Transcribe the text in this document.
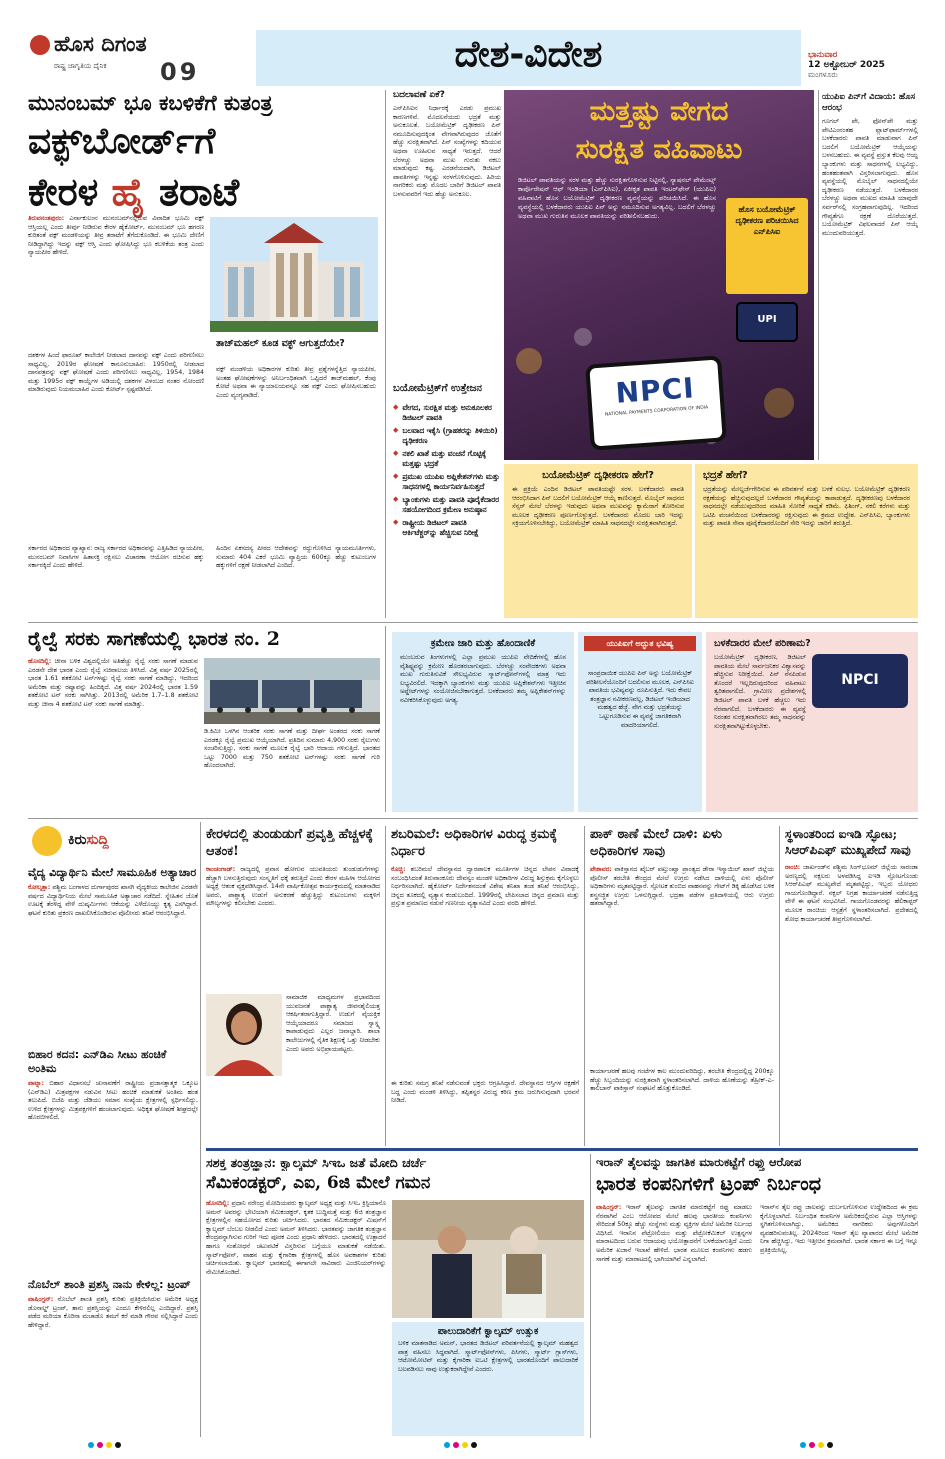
ಹೊಸ ದಿಗಂತ
ರಾಷ್ಟ್ರ ಜಾಗೃತಿಯ ದೈನಿಕ 09	ದೇಶ-ವಿದೇಶ	ಭಾನುವಾರ
12 ಅಕ್ಟೋಬರ್ 2025
ಮಂಗಳೂರು
ಮುನಂಬಮ್ ಭೂ ಕಬಳಿಕೆಗೆ ಕುತಂತ್ರ
ವಕ್ಫ್‌ಬೋರ್ಡ್‌ಗೆ
ಕೇರಳ ಹೈ ತರಾಟೆ
ತಿರುವನಂತಪುರಂ: ಎರ್ನಾಕುಲಂನ ಮುನಂಬಮ್‌ನಲ್ಲಿರುವ ವಿವಾದಿತ ಭೂಮಿ ವಕ್ಫ್ ಆಸ್ತಿಯಲ್ಲ ಎಂದು ತೀರ್ಪು ನೀಡಿರುವ ಕೇರಳ ಹೈಕೋರ್ಟ್, ಮುನಂಬಮ್ ಭೂ ಹಗರಣ ಕುರಿತಂತೆ ವಕ್ಫ್ ಮಂಡಳಿಯನ್ನು ತೀವ್ರ ತರಾಟೆಗೆ ತೆಗೆದುಕೊಂಡಿದೆ. ಈ ಭೂಮಿ ದೇಣಿಗೆ ನೀಡಿದ್ದಾಗಿದ್ದು ಇದನ್ನು ವಕ್ಫ್ ಆಸ್ತಿ ಎಂದು ಘೋಷಿಸಿದ್ದು ಭೂ ಕಬಳಿಕೆಯ ತಂತ್ರ ಎಂದು ನ್ಯಾಯಪೀಠ ಹೇಳಿದೆ.
ದಶಕಗಳ ಹಿಂದೆ ಫಾರೂಖ್ ಕಾಲೇಜಿಗೆ ನೀಡಲಾದ ದಾನವನ್ನು ವಕ್ಫ್ ಎಂದು ಪರಿಗಣಿಸಲು ಸಾಧ್ಯವಿಲ್ಲ. 2019ರ ಘೋಷಣೆ ಕಾನೂನುಬಾಹಿರ: 1950ರಲ್ಲಿ ನೀಡಲಾದ ದಾನಪತ್ರವನ್ನು ವಕ್ಫ್ ಘೋಷಣೆ ಎಂದು ಪರಿಗಣಿಸಲು ಸಾಧ್ಯವಿಲ್ಲ. 1954, 1984 ಮತ್ತು 1995ರ ವಕ್ಫ್ ಕಾಯ್ದೆಗಳ ಅಡಿಯಲ್ಲಿ ದಶಕಗಳ ವಿಳಂಬದ ನಂತರ ನೋಂದಣಿ ಮಾಡಿರುವುದು ನಿಯಮಬಾಹಿರ ಎಂದು ಕೋರ್ಟ್ ಸ್ಪಷ್ಟಪಡಿಸಿದೆ.
ತಾಜ್‌ಮಹಲ್ ಕೂಡ ವಕ್ಫ್ ಆಗುತ್ತದೆಯೇ?
ವಕ್ಫ್ ಮಂಡಳಿಯ ಅಧಿಕಾರಗಳ ಕುರಿತು ತೀವ್ರ ಪ್ರಶ್ನೆಗಳನ್ನೆತ್ತಿದ ನ್ಯಾಯಪೀಠ, ಅಂತಹ ಘೋಷಣೆಗಳನ್ನು ಅನಿರ್ಬಂಧಿತವಾಗಿ ಒಪ್ಪಿದರೆ ತಾಜ್‌ಮಹಲ್, ಕೆಂಪು ಕೋಟೆ ಅಥವಾ ಈ ನ್ಯಾಯಾಲಯವನ್ನೂ ಸಹ ವಕ್ಫ್ ಎಂದು ಘೋಷಿಸಬಹುದು ಎಂದು ವ್ಯಂಗ್ಯವಾಡಿದೆ.
ಸರ್ಕಾರದ ಅಧಿಕಾರದ ವ್ಯಾಖ್ಯಾನ: ರಾಜ್ಯ ಸರ್ಕಾರದ ಅಧಿಕಾರವನ್ನು ಎತ್ತಿಹಿಡಿದ ನ್ಯಾಯಪೀಠ, ಮುನಂಬಮ್ ನಿವಾಸಿಗಳ ಹಿತಾಸಕ್ತಿ ರಕ್ಷಿಸಲು ವಿಚಾರಣಾ ಆಯೋಗ ರಚಿಸುವ ಹಕ್ಕು ಸರ್ಕಾರಕ್ಕಿದೆ ಎಂದು ಹೇಳಿದೆ.
ಹಿಂದಿನ ಏಕಸದಸ್ಯ ಪೀಠದ ಆದೇಶವನ್ನು ರದ್ದುಗೊಳಿಸಿದ ನ್ಯಾಯಮೂರ್ತಿಗಳು, ಸುಮಾರು 404 ಎಕರೆ ಭೂಮಿ ವ್ಯಾಪ್ತಿಯ 600ಕ್ಕೂ ಹೆಚ್ಚು ಕುಟುಂಬಗಳ ಹಕ್ಕುಗಳಿಗೆ ರಕ್ಷಣೆ ನೀಡಲಾಗಿದೆ ಎಂದಿದೆ.
ಬದಲಾವಣೆ ಏಕೆ?
ಎನ್‌ಪಿಸಿಐನ ನಿರ್ಧಾರಕ್ಕೆ ಎರಡು ಪ್ರಮುಖ ಕಾರಣಗಳಿವೆ. ಮೊದಲನೆಯದು ಭದ್ರತೆ ಮತ್ತು ಅನುಕೂಲತೆ. ಬಯೋಮೆಟ್ರಿಕ್ ದೃಢೀಕರಣ ಪಿನ್ ನಮೂದಿಸುವುದಕ್ಕಿಂತ ವೇಗವಾಗಿರುವುದರ ಜೊತೆಗೆ ಹೆಚ್ಚು ಸುರಕ್ಷಿತವಾಗಿದೆ. ಪಿನ್ ಸಂಖ್ಯೆಗಳನ್ನು ಕದಿಯುವ ಅಥವಾ ಊಹಿಸುವ ಸಾಧ್ಯತೆ ಇರುತ್ತದೆ. ಆದರೆ ಬೆರಳಚ್ಚು ಅಥವಾ ಮುಖ ಗುರುತು ನಕಲು ಮಾಡುವುದು ಕಷ್ಟ. ಎರಡನೆಯದಾಗಿ, ಡಿಜಿಟಲ್ ಪಾವತಿಗಳನ್ನು ಇನ್ನಷ್ಟು ಸರಳಗೊಳಿಸುವುದು. ಹಿರಿಯ ನಾಗರಿಕರು ಮತ್ತು ಮೊದಲ ಬಾರಿಗೆ ಡಿಜಿಟಲ್ ಪಾವತಿ ಬಳಸುವವರಿಗೆ ಇದು ಹೆಚ್ಚು ಅನುಕೂಲ.
ಬಯೋಮೆಟ್ರಿಕ್‌ಗೆ ಉತ್ತೇಜನ
◆ ವೇಗದ, ಸುರಕ್ಷಿತ ಮತ್ತು ಅನುಕೂಲಕರ ಡಿಜಿಟಲ್ ಪಾವತಿ
◆ ಬಲವಾದ ಇಕೈಸಿ (ಗ್ರಾಹಕರನ್ನು ತಿಳಿಯಿರಿ) ದೃಢೀಕರಣ
◆ ನಕಲಿ ಖಾತೆ ಮತ್ತು ವಂಚನೆ ಗೊಟ್ಟಿಕ್ಕೆ ಮತ್ತಷ್ಟು ಭದ್ರತೆ
◆ ಪ್ರಮುಖ ಯುಪಿಐ ಅಪ್ಲಿಕೇಶನ್‌ಗಳು ಮತ್ತು ಸಾಧನಗಳಲ್ಲಿ ಕಾರ್ಯನಿರ್ವಹಿಸುತ್ತದೆ
◆ ಬ್ಯಾಂಕುಗಳು ಮತ್ತು ಪಾವತಿ ಪೂರೈಕೆದಾರರ ಸಹಯೋಗದಿಂದ ಕ್ರಮೇಣ ಅನುಷ್ಠಾನ
◆ ರಾಷ್ಟ್ರೀಯ ಡಿಜಿಟಲ್ ಪಾವತಿ ಆರ್ಕಿಟೆಕ್ಚರ್‌ನ್ನು ಹೆಚ್ಚಿಸುವ ನಿರೀಕ್ಷೆ
ಮತ್ತಷ್ಟು ವೇಗದ
ಸುರಕ್ಷಿತ ವಹಿವಾಟು
ಡಿಜಿಟಲ್ ಪಾವತಿಯನ್ನು ಸರಳ ಮತ್ತು ಹೆಚ್ಚು ಸುರಕ್ಷಿತಗೊಳಿಸುವ ನಿಟ್ಟಿನಲ್ಲಿ, ನ್ಯಾಷನಲ್ ಪೇಮೆಂಟ್ಸ್ ಕಾರ್ಪೊರೇಷನ್ ಆಫ್ ಇಂಡಿಯಾ (ಎನ್‌ಪಿಸಿಐ), ಏಕೀಕೃತ ಪಾವತಿ ಇಂಟರ್‌ಫೇಸ್ (ಯುಪಿಐ) ವಹಿವಾಟಿಗೆ ಹೊಸ ಬಯೋಮೆಟ್ರಿಕ್ ದೃಢೀಕರಣ ವ್ಯವಸ್ಥೆಯನ್ನು ಪರಿಚಯಿಸಿದೆ. ಈ ಹೊಸ ವ್ಯವಸ್ಥೆಯಲ್ಲಿ ಬಳಕೆದಾರರು ಯುಪಿಐ ಪಿನ್ ಅನ್ನು ನಮೂದಿಸುವ ಅಗತ್ಯವಿಲ್ಲ. ಬದಲಿಗೆ ಬೆರಳಚ್ಚು ಅಥವಾ ಮುಖ ಗುರುತಿನ ಮೂಲಕ ಪಾವತಿಯನ್ನು ಪರಿಶೀಲಿಸಬಹುದು.
ಹೊಸ ಬಯೋಮೆಟ್ರಿಕ್ ದೃಢೀಕರಣ ಪರಿಚಯಿಸಿದ ಎನ್‌ಪಿಸಿಐ
UPI
NPCI
NATIONAL PAYMENTS CORPORATION OF INDIA
ಯುಪಿಐ ಪಿನ್‌ಗೆ ವಿದಾಯ: ಹೊಸ ಆರಂಭ
ಗೂಗಲ್ ಪೇ, ಫೋನ್‌ಪೇ ಮತ್ತು ಪೇಟಿಎಂನಂತಹ ಪ್ಲಾಟ್‌ಫಾರ್ಮ್‌ಗಳಲ್ಲಿ ಬಳಕೆದಾರರು ಪಾವತಿ ಮಾಡುವಾಗ ಪಿನ್ ಬದಲಿಗೆ ಬಯೋಮೆಟ್ರಿಕ್ ಆಯ್ಕೆಯನ್ನು ಬಳಸಬಹುದು. ಈ ವ್ಯವಸ್ಥೆ ಪ್ರಸ್ತುತ ಕೆಲವು ಆಯ್ದ ಬ್ಯಾಂಕುಗಳು ಮತ್ತು ಸಾಧನಗಳಲ್ಲಿ ಲಭ್ಯವಿದ್ದು, ಹಂತಹಂತವಾಗಿ ವಿಸ್ತರಿಸಲಾಗುವುದು. ಹೊಸ ವ್ಯವಸ್ಥೆಯಲ್ಲಿ ಮೊಬೈಲ್ ಸಾಧನದಲ್ಲಿಯೇ ದೃಢೀಕರಣ ನಡೆಯುತ್ತದೆ. ಬಳಕೆದಾರರ ಬೆರಳಚ್ಚು ಅಥವಾ ಮುಖದ ಮಾಹಿತಿ ಯಾವುದೇ ಸರ್ವರ್‌ನಲ್ಲಿ ಸಂಗ್ರಹವಾಗುವುದಿಲ್ಲ. ಇದರಿಂದ ಗೌಪ್ಯತೆಗೂ ರಕ್ಷಣೆ ದೊರೆಯುತ್ತದೆ. ಬಯೋಮೆಟ್ರಿಕ್ ವಿಫಲವಾದರೆ ಪಿನ್ ಆಯ್ಕೆ ಮುಂದುವರಿಯುತ್ತದೆ.
ಬಯೋಮೆಟ್ರಿಕ್ ದೃಢೀಕರಣ ಹೇಗೆ?
ಈ ಪ್ರಕ್ರಿಯೆ ಎಂದಿನ ಡಿಜಿಟಲ್ ಪಾವತಿಯಷ್ಟೇ ಸರಳ. ಬಳಕೆದಾರರು ಪಾವತಿ ಆರಂಭಿಸಿದಾಗ ಪಿನ್ ಬದಲಿಗೆ ಬಯೋಮೆಟ್ರಿಕ್ ಆಯ್ಕೆ ಕಾಣಿಸುತ್ತದೆ. ಮೊಬೈಲ್ ಸಾಧನದ ಸೆನ್ಸರ್ ಮೇಲೆ ಬೆರಳನ್ನು ಇಡುವುದು ಅಥವಾ ಮುಖವನ್ನು ಕ್ಯಾಮೆರಾಗೆ ತೋರಿಸುವ ಮೂಲಕ ದೃಢೀಕರಣ ಪೂರ್ಣಗೊಳ್ಳುತ್ತದೆ. ಬಳಕೆದಾರರು ಮೊದಲ ಬಾರಿ ಇದನ್ನು ಸಕ್ರಿಯಗೊಳಿಸಬೇಕಿದ್ದು, ಬಯೋಮೆಟ್ರಿಕ್ ಮಾಹಿತಿ ಸಾಧನದಲ್ಲೇ ಸುರಕ್ಷಿತವಾಗಿರುತ್ತದೆ.
ಭದ್ರತೆ ಹೇಗೆ?
ಭದ್ರತೆಯನ್ನು ಮೇಲ್ದರ್ಜೆಗೇರಿಸುವ ಈ ಪರಿವರ್ತನೆ ಮತ್ತು ಬಳಕೆ ಸುಲಭ. ಬಯೋಮೆಟ್ರಿಕ್ ದೃಢೀಕರಣ ರಕ್ಷಣೆಯನ್ನು ಹೆಚ್ಚಿಸುವುದಲ್ಲದೆ ಬಳಕೆದಾರರ ಗೌಪ್ಯತೆಯನ್ನು ಕಾಪಾಡುತ್ತದೆ. ದೃಢೀಕರಣವು ಬಳಕೆದಾರರ ಸಾಧನದಲ್ಲೇ ನಡೆಯುವುದರಿಂದ ಮಾಹಿತಿ ಸೋರಿಕೆ ಸಾಧ್ಯತೆ ಕಡಿಮೆ. ಫಿಶಿಂಗ್, ನಕಲಿ ಕರೆಗಳು ಮತ್ತು ಒಟಿಪಿ ವಂಚನೆಯಿಂದ ಬಳಕೆದಾರರನ್ನು ರಕ್ಷಿಸುವುದು ಈ ಕ್ರಮದ ಉದ್ದೇಶ. ಎನ್‌ಪಿಸಿಐ, ಬ್ಯಾಂಕುಗಳು ಮತ್ತು ಪಾವತಿ ಸೇವಾ ಪೂರೈಕೆದಾರರೊಂದಿಗೆ ಸೇರಿ ಇದನ್ನು ಜಾರಿಗೆ ತರುತ್ತಿದೆ.
ರೈಲ್ವೆ ಸರಕು ಸಾಗಣೆಯಲ್ಲಿ ಭಾರತ ನಂ. 2
ಹೊಸದಿಲ್ಲಿ: ಚೀನಾ ಬಳಿಕ ವಿಶ್ವದಲ್ಲಿಯೇ ಅತಿಹೆಚ್ಚು ರೈಲ್ವೆ ಸರಕು ಸಾಗಣೆ ಮಾಡುವ ಎರಡನೇ ದೇಶ ಭಾರತ ಎಂದು ರೈಲ್ವೆ ಸಚಿವಾಲಯ ತಿಳಿಸಿದೆ. ವಿತ್ತ ವರ್ಷ 2025ರಲ್ಲಿ ಭಾರತ 1.61 ಶತಕೋಟಿ ಟನ್‌ಗಳಷ್ಟು ರೈಲ್ವೆ ಸರಕು ಸಾಗಣೆ ಮಾಡಿದ್ದು, ಇದರಿಂದ ಅಮೆರಿಕಾ ಮತ್ತು ರಷ್ಯಾವನ್ನು ಹಿಂದಿಕ್ಕಿದೆ. ವಿತ್ತ ವರ್ಷ 2024ರಲ್ಲಿ ಭಾರತ 1.59 ಶತಕೋಟಿ ಟನ್ ಸರಕು ಸಾಗಿಸಿತ್ತು. 2013ರಲ್ಲಿ ಅಮೆರಿಕ 1.7–1.8 ಶತಕೋಟಿ ಮತ್ತು ಚೀನಾ 4 ಶತಕೋಟಿ ಟನ್ ಸರಕು ಸಾಗಣೆ ಮಾಡಿತ್ತು.
ಡಿ.ಕಿಮೀ ಒಳಗಿನ ಆಂತರಿಕ ಸರಕು ಸಾಗಣೆ ಮತ್ತು ದೀರ್ಘ ಅಂತರದ ಸರಕು ಸಾಗಣೆ ಎರಡಕ್ಕೂ ರೈಲ್ವೆ ಪ್ರಮುಖ ಆಯ್ಕೆಯಾಗಿದೆ. ಪ್ರತಿದಿನ ಸುಮಾರು 4,900 ಸರಕು ರೈಲುಗಳು ಸಂಚರಿಸುತ್ತಿದ್ದು, ಸರಕು ಸಾಗಣೆ ಮೂಲಕ ರೈಲ್ವೆ ಭಾರಿ ಆದಾಯ ಗಳಿಸುತ್ತಿದೆ. ಭಾರತದ ಒಟ್ಟು 7000 ಮತ್ತು 750 ಶತಕೋಟಿ ಟನ್‌ಗಳಷ್ಟು ಸರಕು ಸಾಗಣೆ ಗುರಿ ಹೊಂದಲಾಗಿದೆ.
ಕ್ರಮೇಣ ಜಾರಿ ಮತ್ತು ಹೊಂದಾಣಿಕೆ
ಮುಂಬರುವ ತಿಂಗಳುಗಳಲ್ಲಿ ಎಲ್ಲಾ ಪ್ರಮುಖ ಯುಪಿಐ ವೇದಿಕೆಗಳಲ್ಲಿ ಹೊಸ ವೈಶಿಷ್ಟ್ಯವನ್ನು ಕ್ರಮೇಣ ಹೊರತರಲಾಗುವುದು. ಬೆರಳಚ್ಚು ಸಂವೇದಕಗಳು ಅಥವಾ ಮುಖ ಗುರುತಿಸುವಿಕೆ ಸೌಲಭ್ಯವಿರುವ ಸ್ಮಾರ್ಟ್‌ಫೋನ್‌ಗಳಲ್ಲಿ ಮಾತ್ರ ಇದು ಲಭ್ಯವಿರಲಿದೆ. ಇದಕ್ಕಾಗಿ ಬ್ಯಾಂಕುಗಳು ಮತ್ತು ಯುಪಿಐ ಅಪ್ಲಿಕೇಶನ್‌ಗಳು ಇತ್ತೀಚಿನ ಅಪ್ಡೇಟ್‌ಗಳನ್ನು ಸಂಯೋಜಿಸಬೇಕಾಗುತ್ತದೆ. ಬಳಕೆದಾರರು ತಮ್ಮ ಅಪ್ಲಿಕೇಶನ್‌ಗಳನ್ನು ನವೀಕರಿಸಿಕೊಳ್ಳುವುದು ಅಗತ್ಯ.
ಯುಪಿಐಗೆ ಅದ್ಭುತ ಭವಿಷ್ಯ
ಸಾಂಪ್ರದಾಯಿಕ ಯುಪಿಐ ಪಿನ್ ಅನ್ನು ಬಯೋಮೆಟ್ರಿಕ್ ಪರಿಶೀಲನೆಯೊಂದಿಗೆ ಬದಲಿಸುವ ಮೂಲಕ, ಎನ್‌ಪಿಸಿಐ ಪಾವತಿಯ ಭವಿಷ್ಯವನ್ನು ರೂಪಿಸುತ್ತಿದೆ. ಇದು ಕೇವಲ ತಂತ್ರಜ್ಞಾನ ನವೀಕರಣವಲ್ಲ, ಡಿಜಿಟಲ್ ಇಂಡಿಯಾದ ಮಹತ್ವದ ಹೆಜ್ಜೆ. ವೇಗ ಮತ್ತು ಭದ್ರತೆಯನ್ನು ಒಟ್ಟುಗೂಡಿಸುವ ಈ ವ್ಯವಸ್ಥೆ ಜಾಗತಿಕವಾಗಿ ಮಾದರಿಯಾಗಲಿದೆ.
ಬಳಕೆದಾರರ ಮೇಲೆ ಪರಿಣಾಮ?
ಬಯೋಮೆಟ್ರಿಕ್ ದೃಢೀಕರಣ, ಡಿಜಿಟಲ್ ಪಾವತಿಯ ಮೇಲೆ ಸಾರ್ವಜನಿಕರ ವಿಶ್ವಾಸವನ್ನು ಹೆಚ್ಚಿಸುವ ನಿರೀಕ್ಷೆಯಿದೆ. ಪಿನ್ ನೆನಪಿಡುವ ತೊಂದರೆ ಇಲ್ಲದಿರುವುದರಿಂದ ವಹಿವಾಟು ತ್ವರಿತವಾಗಲಿದೆ. ಗ್ರಾಮೀಣ ಪ್ರದೇಶಗಳಲ್ಲಿ ಡಿಜಿಟಲ್ ಪಾವತಿ ಬಳಕೆ ಹೆಚ್ಚಲು ಇದು ನೆರವಾಗಲಿದೆ. ಬಳಕೆದಾರರು ಈ ವ್ಯವಸ್ಥೆ ನಿರಂತರ ಸುರಕ್ಷಿತವಾಗಿರಲು ತಮ್ಮ ಸಾಧನವನ್ನು ಸುರಕ್ಷಿತವಾಗಿಟ್ಟುಕೊಳ್ಳಬೇಕು.
NPCI
ಕಿರುಸುದ್ದಿ
ವೈದ್ಯ ವಿದ್ಯಾರ್ಥಿನಿ ಮೇಲೆ ಸಾಮೂಹಿಕ ಅತ್ಯಾಚಾರ
ಕೋಲ್ಕತ್ತಾ: ಪಶ್ಚಿಮ ಬಂಗಾಳದ ದುರ್ಗಾಪುರದ ಖಾಸಗಿ ವೈದ್ಯಕೀಯ ಕಾಲೇಜಿನ ಎರಡನೇ ವರ್ಷದ ವಿದ್ಯಾರ್ಥಿನಿಯ ಮೇಲೆ ಸಾಮೂಹಿಕ ಅತ್ಯಾಚಾರ ನಡೆದಿದೆ. ಸ್ನೇಹಿತನ ಜೊತೆ ಊಟಕ್ಕೆ ತೆರಳಿದ್ದ ವೇಳೆ ದುಷ್ಕರ್ಮಿಗಳು ಆಕೆಯನ್ನು ಎಳೆದೊಯ್ದು ಕೃತ್ಯ ಎಸಗಿದ್ದಾರೆ. ಘಟನೆ ಕುರಿತು ಪ್ರಕರಣ ದಾಖಲಿಸಿಕೊಂಡಿರುವ ಪೊಲೀಸರು ತನಿಖೆ ಆರಂಭಿಸಿದ್ದಾರೆ.
ಬಿಹಾರ ಕದನ: ಎನ್‌ಡಿಎ ಸೀಟು ಹಂಚಿಕೆ ಅಂತಿಮ
ಪಾಟ್ನಾ: ಬಿಹಾರ ವಿಧಾನಸಭೆ ಚುನಾವಣೆಗೆ ರಾಷ್ಟ್ರೀಯ ಪ್ರಜಾಸತ್ತಾತ್ಮಕ ಒಕ್ಕೂಟ (ಎನ್‌ಡಿಎ) ಮಿತ್ರಪಕ್ಷಗಳ ನಡುವಿನ ಸೀಟು ಹಂಚಿಕೆ ಮಾತುಕತೆ ಅಂತಿಮ ಹಂತ ತಲುಪಿದೆ. ಬಿಜೆಪಿ ಮತ್ತು ಜೆಡಿಯು ಸಮಾನ ಸಂಖ್ಯೆಯ ಕ್ಷೇತ್ರಗಳಲ್ಲಿ ಸ್ಪರ್ಧಿಸಲಿದ್ದು, ಉಳಿದ ಕ್ಷೇತ್ರಗಳನ್ನು ಮಿತ್ರಪಕ್ಷಗಳಿಗೆ ಹಂಚಲಾಗುವುದು. ಅಧಿಕೃತ ಘೋಷಣೆ ಶೀಘ್ರದಲ್ಲೇ ಹೊರಬೀಳಲಿದೆ.
ನೊಬೆಲ್ ಶಾಂತಿ ಪ್ರಶಸ್ತಿ ನಾನು ಕೇಳಿಲ್ಲ: ಟ್ರಂಪ್
ವಾಷಿಂಗ್ಟನ್: ನೊಬೆಲ್ ಶಾಂತಿ ಪ್ರಶಸ್ತಿ ಕುರಿತು ಪ್ರತಿಕ್ರಿಯಿಸಿರುವ ಅಮೆರಿಕ ಅಧ್ಯಕ್ಷ ಡೊನಾಲ್ಡ್ ಟ್ರಂಪ್, ತಾನು ಪ್ರಶಸ್ತಿಯನ್ನು ಎಂದೂ ಕೇಳಿರಲಿಲ್ಲ ಎಂದಿದ್ದಾರೆ. ಪ್ರಶಸ್ತಿ ಪಡೆದ ಮರಿಯಾ ಕೊರಿನಾ ಮಚಾಡೊ ತಮಗೆ ಕರೆ ಮಾಡಿ ಗೌರವ ಸಲ್ಲಿಸಿದ್ದಾರೆ ಎಂದು ಹೇಳಿದ್ದಾರೆ.
ಕೇರಳದಲ್ಲಿ ತುಂಡುಡುಗೆ ಪ್ರವೃತ್ತಿ ಹೆಚ್ಚಳಕ್ಕೆ ಆತಂಕ!
ಕಾಂಚಂಗಾಡ್: ರಾಜ್ಯದಲ್ಲಿ ಪ್ರವಾಸ ಹೋಗುವ ಯುವತಿಯರು ತುಂಡುಡುಗೆಗಳನ್ನು ಹೆಚ್ಚಾಗಿ ಬಳಸುತ್ತಿರುವುದು ಸಂಸ್ಕೃತಿಗೆ ಧಕ್ಕೆ ತರುತ್ತಿದೆ ಎಂದು ಕೇರಳ ಮಹಿಳಾ ಆಯೋಗದ ಅಧ್ಯಕ್ಷೆ ಆತಂಕ ವ್ಯಕ್ತಪಡಿಸಿದ್ದಾರೆ. 14ನೇ ವಾರ್ಷಿಕೋತ್ಸವ ಕಾರ್ಯಕ್ರಮದಲ್ಲಿ ಮಾತನಾಡಿದ ಅವರು, ಪಾಶ್ಚಾತ್ಯ ಉಡುಗೆ ಅನುಕರಣೆ ಹೆಚ್ಚುತ್ತಿದ್ದು ಕುಟುಂಬಗಳು ಮಕ್ಕಳಿಗೆ ಮೌಲ್ಯಗಳನ್ನು ಕಲಿಸಬೇಕು ಎಂದರು.
ಸಾಮಾಜಿಕ ಮಾಧ್ಯಮಗಳ ಪ್ರಭಾವದಿಂದ ಯುವಜನತೆ ಪಾಶ್ಚಾತ್ಯ ಜೀವನಶೈಲಿಯತ್ತ ಆಕರ್ಷಿತರಾಗುತ್ತಿದ್ದಾರೆ. ಉಡುಗೆ ವೈಯಕ್ತಿಕ ಆಯ್ಕೆಯಾದರೂ ಸಮಾಜದ ಸ್ವಾಸ್ಥ್ಯ ಕಾಪಾಡುವುದು ಎಲ್ಲರ ಜವಾಬ್ದಾರಿ. ಶಾಲಾ ಕಾಲೇಜುಗಳಲ್ಲಿ ನೈತಿಕ ಶಿಕ್ಷಣಕ್ಕೆ ಒತ್ತು ನೀಡಬೇಕು ಎಂದು ಅವರು ಅಭಿಪ್ರಾಯಪಟ್ಟರು.
ಶಬರಿಮಲೆ: ಅಧಿಕಾರಿಗಳ ವಿರುದ್ಧ ಕ್ರಮಕ್ಕೆ ನಿರ್ಧಾರ
ಕೊಚ್ಚಿ: ಶಬರಿಮಲೆ ದೇವಸ್ಥಾನದ ದ್ವಾರಪಾಲಕ ಮೂರ್ತಿಗಳ ಚಿನ್ನದ ಲೇಪನ ವಿವಾದಕ್ಕೆ ಸಂಬಂಧಿಸಿದಂತೆ ತಿರುವಾಂಕೂರು ದೇವಸ್ವಂ ಮಂಡಳಿ ಅಧಿಕಾರಿಗಳ ವಿರುದ್ಧ ಶಿಸ್ತುಕ್ರಮ ಕೈಗೊಳ್ಳಲು ನಿರ್ಧರಿಸಲಾಗಿದೆ. ಹೈಕೋರ್ಟ್ ನಿರ್ದೇಶನದಂತೆ ವಿಶೇಷ ತನಿಖಾ ತಂಡ ತನಿಖೆ ಆರಂಭಿಸಿದ್ದು, ಚಿನ್ನದ ತೂಕದಲ್ಲಿ ವ್ಯತ್ಯಾಸ ಕಂಡುಬಂದಿದೆ. 1999ರಲ್ಲಿ ಲೇಪಿಸಲಾದ ಚಿನ್ನದ ಪ್ರಮಾಣ ಮತ್ತು ಪ್ರಸ್ತುತ ಪ್ರಮಾಣದ ನಡುವೆ ಗಣನೀಯ ವ್ಯತ್ಯಾಸವಿದೆ ಎಂದು ವರದಿ ಹೇಳಿದೆ.
ಈ ಕುರಿತು ಸಮಗ್ರ ತನಿಖೆ ನಡೆಸುವಂತೆ ಭಕ್ತರು ಆಗ್ರಹಿಸಿದ್ದಾರೆ. ದೇವಸ್ಥಾನದ ಆಸ್ತಿಗಳ ರಕ್ಷಣೆಗೆ ಬದ್ಧ ಎಂದು ಮಂಡಳಿ ತಿಳಿಸಿದ್ದು, ತಪ್ಪಿತಸ್ಥರ ವಿರುದ್ಧ ಕಠಿಣ ಕ್ರಮ ಜರುಗಿಸುವುದಾಗಿ ಭರವಸೆ ನೀಡಿದೆ.
ಪಾಕ್ ಠಾಣೆ ಮೇಲೆ ದಾಳಿ: ಏಳು ಅಧಿಕಾರಿಗಳ ಸಾವು
ಪೇಶಾವರ: ಪಾಕಿಸ್ತಾನದ ಖೈಬರ್ ಪಖ್ತುಂಖ್ವಾ ಪ್ರಾಂತ್ಯದ ಡೇರಾ ಇಸ್ಮಾಯಿಲ್ ಖಾನ್ ಜಿಲ್ಲೆಯ ಪೊಲೀಸ್ ತರಬೇತಿ ಕೇಂದ್ರದ ಮೇಲೆ ಉಗ್ರರು ನಡೆಸಿದ ದಾಳಿಯಲ್ಲಿ ಏಳು ಪೊಲೀಸ್ ಅಧಿಕಾರಿಗಳು ಮೃತಪಟ್ಟಿದ್ದಾರೆ. ಸ್ಫೋಟಕ ತುಂಬಿದ ವಾಹನವನ್ನು ಗೇಟ್‌ಗೆ ಡಿಕ್ಕಿ ಹೊಡೆಸಿದ ಬಳಿಕ ಶಸ್ತ್ರಸಜ್ಜಿತ ಉಗ್ರರು ಒಳನುಗ್ಗಿದ್ದಾರೆ. ಭದ್ರತಾ ಪಡೆಗಳ ಪ್ರತಿದಾಳಿಯಲ್ಲಿ ಆರು ಉಗ್ರರು ಹತರಾಗಿದ್ದಾರೆ.
ಕಾರ್ಯಾಚರಣೆ ಹಲವು ಗಂಟೆಗಳ ಕಾಲ ಮುಂದುವರಿದಿದ್ದು, ತರಬೇತಿ ಕೇಂದ್ರದಲ್ಲಿದ್ದ 200ಕ್ಕೂ ಹೆಚ್ಚು ಸಿಬ್ಬಂದಿಯನ್ನು ಸುರಕ್ಷಿತವಾಗಿ ಸ್ಥಳಾಂತರಿಸಲಾಗಿದೆ. ದಾಳಿಯ ಹೊಣೆಯನ್ನು ತೆಹ್ರೀಕ್-ಎ-ತಾಲಿಬಾನ್ ಪಾಕಿಸ್ತಾನ್ ಸಂಘಟನೆ ಹೊತ್ತುಕೊಂಡಿದೆ.
ಸ್ಥಳಾಂತರಿಂದ ಐಇಡಿ ಸ್ಫೋಟ; ಸಿಆರ್‌ಪಿಎಫ್ ಮುಖ್ಯಪೇದೆ ಸಾವು
ರಾಂಚಿ: ಜಾರ್ಖಂಡ್‌ನ ಪಶ್ಚಿಮ ಸಿಂಗ್‌ಭೂಮ್ ಜಿಲ್ಲೆಯ ಸಾರಂಡಾ ಅರಣ್ಯದಲ್ಲಿ ನಕ್ಸಲರು ಅಳವಡಿಸಿದ್ದ ಐಇಡಿ ಸ್ಫೋಟಗೊಂಡು ಸಿಆರ್‌ಪಿಎಫ್ ಮುಖ್ಯಪೇದೆ ಮೃತಪಟ್ಟಿದ್ದು, ಇಬ್ಬರು ಯೋಧರು ಗಾಯಗೊಂಡಿದ್ದಾರೆ. ನಕ್ಸಲ್ ನಿಗ್ರಹ ಕಾರ್ಯಾಚರಣೆ ನಡೆಸುತ್ತಿದ್ದ ವೇಳೆ ಈ ಘಟನೆ ಸಂಭವಿಸಿದೆ. ಗಾಯಗೊಂಡವರನ್ನು ಹೆಲಿಕಾಪ್ಟರ್ ಮೂಲಕ ರಾಂಚಿಯ ಆಸ್ಪತ್ರೆಗೆ ಸ್ಥಳಾಂತರಿಸಲಾಗಿದೆ. ಪ್ರದೇಶದಲ್ಲಿ ಶೋಧ ಕಾರ್ಯಾಚರಣೆ ತೀವ್ರಗೊಳಿಸಲಾಗಿದೆ.
ಸಶಕ್ತ ತಂತ್ರಜ್ಞಾನ: ಕ್ವಾಲ್ಕಮ್ ಸಿಇಒ ಜತೆ ಮೋದಿ ಚರ್ಚೆ
ಸೆಮಿಕಂಡಕ್ಟರ್, ಎಐ, 6ಜಿ ಮೇಲೆ ಗಮನ
ಹೊಸದಿಲ್ಲಿ: ಪ್ರಧಾನಿ ನರೇಂದ್ರ ಮೋದಿಯವರು ಕ್ವಾಲ್ಕಮ್ ಅಧ್ಯಕ್ಷ ಮತ್ತು ಸಿಇಒ ಕ್ರಿಸ್ಟಿಯಾನೊ ಅಮನ್ ಅವರನ್ನು ಭೇಟಿಯಾಗಿ ಸೆಮಿಕಂಡಕ್ಟರ್, ಕೃತಕ ಬುದ್ಧಿಮತ್ತೆ ಮತ್ತು 6ಜಿ ತಂತ್ರಜ್ಞಾನ ಕ್ಷೇತ್ರಗಳಲ್ಲಿನ ಸಹಯೋಗದ ಕುರಿತು ಚರ್ಚಿಸಿದರು. ಭಾರತದ ಸೆಮಿಕಂಡಕ್ಟರ್ ಮಿಷನ್‌ಗೆ ಕ್ವಾಲ್ಕಮ್ ಬೆಂಬಲ ನೀಡಲಿದೆ ಎಂದು ಅಮನ್ ತಿಳಿಸಿದರು. ಭಾರತವನ್ನು ಜಾಗತಿಕ ತಂತ್ರಜ್ಞಾನ ಕೇಂದ್ರವನ್ನಾಗಿಸುವ ಗುರಿಗೆ ಇದು ಪೂರಕ ಎಂದು ಪ್ರಧಾನಿ ಹೇಳಿದರು. ಭಾರತದಲ್ಲಿ ಉತ್ಪಾದನೆ ಹಾಗೂ ಸಂಶೋಧನೆ ಚಟುವಟಿಕೆ ವಿಸ್ತರಿಸುವ ಬಗ್ಗೆಯೂ ಮಾತುಕತೆ ನಡೆಯಿತು. ಸ್ಮಾರ್ಟ್‌ಫೋನ್, ವಾಹನ ಮತ್ತು ಕೈಗಾರಿಕಾ ಕ್ಷೇತ್ರಗಳಲ್ಲಿ ಹೊಸ ಅವಕಾಶಗಳ ಕುರಿತು ಚರ್ಚಿಸಲಾಯಿತು. ಕ್ವಾಲ್ಕಮ್ ಭಾರತದಲ್ಲಿ ಈಗಾಗಲೇ ಸಾವಿರಾರು ಎಂಜಿನಿಯರ್‌ಗಳನ್ನು ನೇಮಿಸಿಕೊಂಡಿದೆ.
ಪಾಲುದಾರಿಕೆಗೆ ಕ್ವಾಲ್ಕಮ್ ಉತ್ಸುಕ
ಬಳಿಕ ಮಾತನಾಡಿದ ಅಮನ್, ಭಾರತದ ಡಿಜಿಟಲ್ ಪರಿವರ್ತನೆಯಲ್ಲಿ ಕ್ವಾಲ್ಕಮ್ ಮಹತ್ವದ ಪಾತ್ರ ವಹಿಸಲು ಸಿದ್ಧವಾಗಿದೆ. ಸ್ಮಾರ್ಟ್‌ಫೋನ್‌ಗಳು, ಪಿಸಿಗಳು, ಸ್ಮಾರ್ಟ್ ಗ್ಲಾಸ್‌ಗಳು, ಆಟೋಮೋಟಿವ್ ಮತ್ತು ಕೈಗಾರಿಕಾ ಐಒಟಿ ಕ್ಷೇತ್ರಗಳಲ್ಲಿ ಭಾರತದೊಂದಿಗೆ ಪಾಲುದಾರಿಕೆ ಬಲಪಡಿಸಲು ನಾವು ಉತ್ಸುಕರಾಗಿದ್ದೇವೆ ಎಂದರು.
ಇರಾನ್ ತೈಲವನ್ನು ಜಾಗತಿಕ ಮಾರುಕಟ್ಟೆಗೆ ರಫ್ತು ಆರೋಪ
ಭಾರತ ಕಂಪನಿಗಳಿಗೆ ಟ್ರಂಪ್ ನಿರ್ಬಂಧ
ವಾಷಿಂಗ್ಟನ್: ಇರಾನ್ ತೈಲವನ್ನು ಜಾಗತಿಕ ಮಾರುಕಟ್ಟೆಗೆ ರಫ್ತು ಮಾಡಲು ನೆರವಾಗಿವೆ ಎಂಬ ಆರೋಪದ ಮೇಲೆ ಹಲವು ಭಾರತೀಯ ಕಂಪನಿಗಳು ಸೇರಿದಂತೆ 50ಕ್ಕೂ ಹೆಚ್ಚು ಸಂಸ್ಥೆಗಳು ಮತ್ತು ವ್ಯಕ್ತಿಗಳ ಮೇಲೆ ಅಮೆರಿಕ ನಿರ್ಬಂಧ ವಿಧಿಸಿದೆ. ಇರಾನಿನ ಪೆಟ್ರೋಲಿಯಂ ಮತ್ತು ಪೆಟ್ರೋಕೆಮಿಕಲ್ ಉತ್ಪನ್ನಗಳ ಮಾರಾಟದಿಂದ ಬರುವ ಆದಾಯವು ಭಯೋತ್ಪಾದನೆಗೆ ಬಳಕೆಯಾಗುತ್ತಿದೆ ಎಂದು ಅಮೆರಿಕ ಖಜಾನೆ ಇಲಾಖೆ ಹೇಳಿದೆ. ಭಾರತ ಮೂಲದ ಕಂಪನಿಗಳು ಹಡಗು ಸಾಗಣೆ ಮತ್ತು ಮಾರಾಟದಲ್ಲಿ ಭಾಗಿಯಾಗಿವೆ ಎನ್ನಲಾಗಿದೆ.
ಇರಾನ್‌ನ ತೈಲ ರಫ್ತು ಜಾಲವನ್ನು ದುರ್ಬಲಗೊಳಿಸುವ ಉದ್ದೇಶದಿಂದ ಈ ಕ್ರಮ ಕೈಗೊಳ್ಳಲಾಗಿದೆ. ನಿರ್ಬಂಧಿತ ಕಂಪನಿಗಳ ಅಮೆರಿಕದಲ್ಲಿರುವ ಎಲ್ಲಾ ಆಸ್ತಿಗಳನ್ನು ಸ್ಥಗಿತಗೊಳಿಸಲಾಗಿದ್ದು, ಅಮೆರಿಕದ ನಾಗರಿಕರು ಅವುಗಳೊಂದಿಗೆ ವ್ಯವಹರಿಸುವಂತಿಲ್ಲ. 2024ರಿಂದ ಇರಾನ್ ತೈಲ ವ್ಯಾಪಾರದ ಮೇಲೆ ಅಮೆರಿಕ ನಿಗಾ ಹೆಚ್ಚಿಸಿದ್ದು, ಇದು ಇತ್ತೀಚಿನ ಕ್ರಮವಾಗಿದೆ. ಭಾರತ ಸರ್ಕಾರ ಈ ಬಗ್ಗೆ ಇನ್ನೂ ಪ್ರತಿಕ್ರಿಯಿಸಿಲ್ಲ.
